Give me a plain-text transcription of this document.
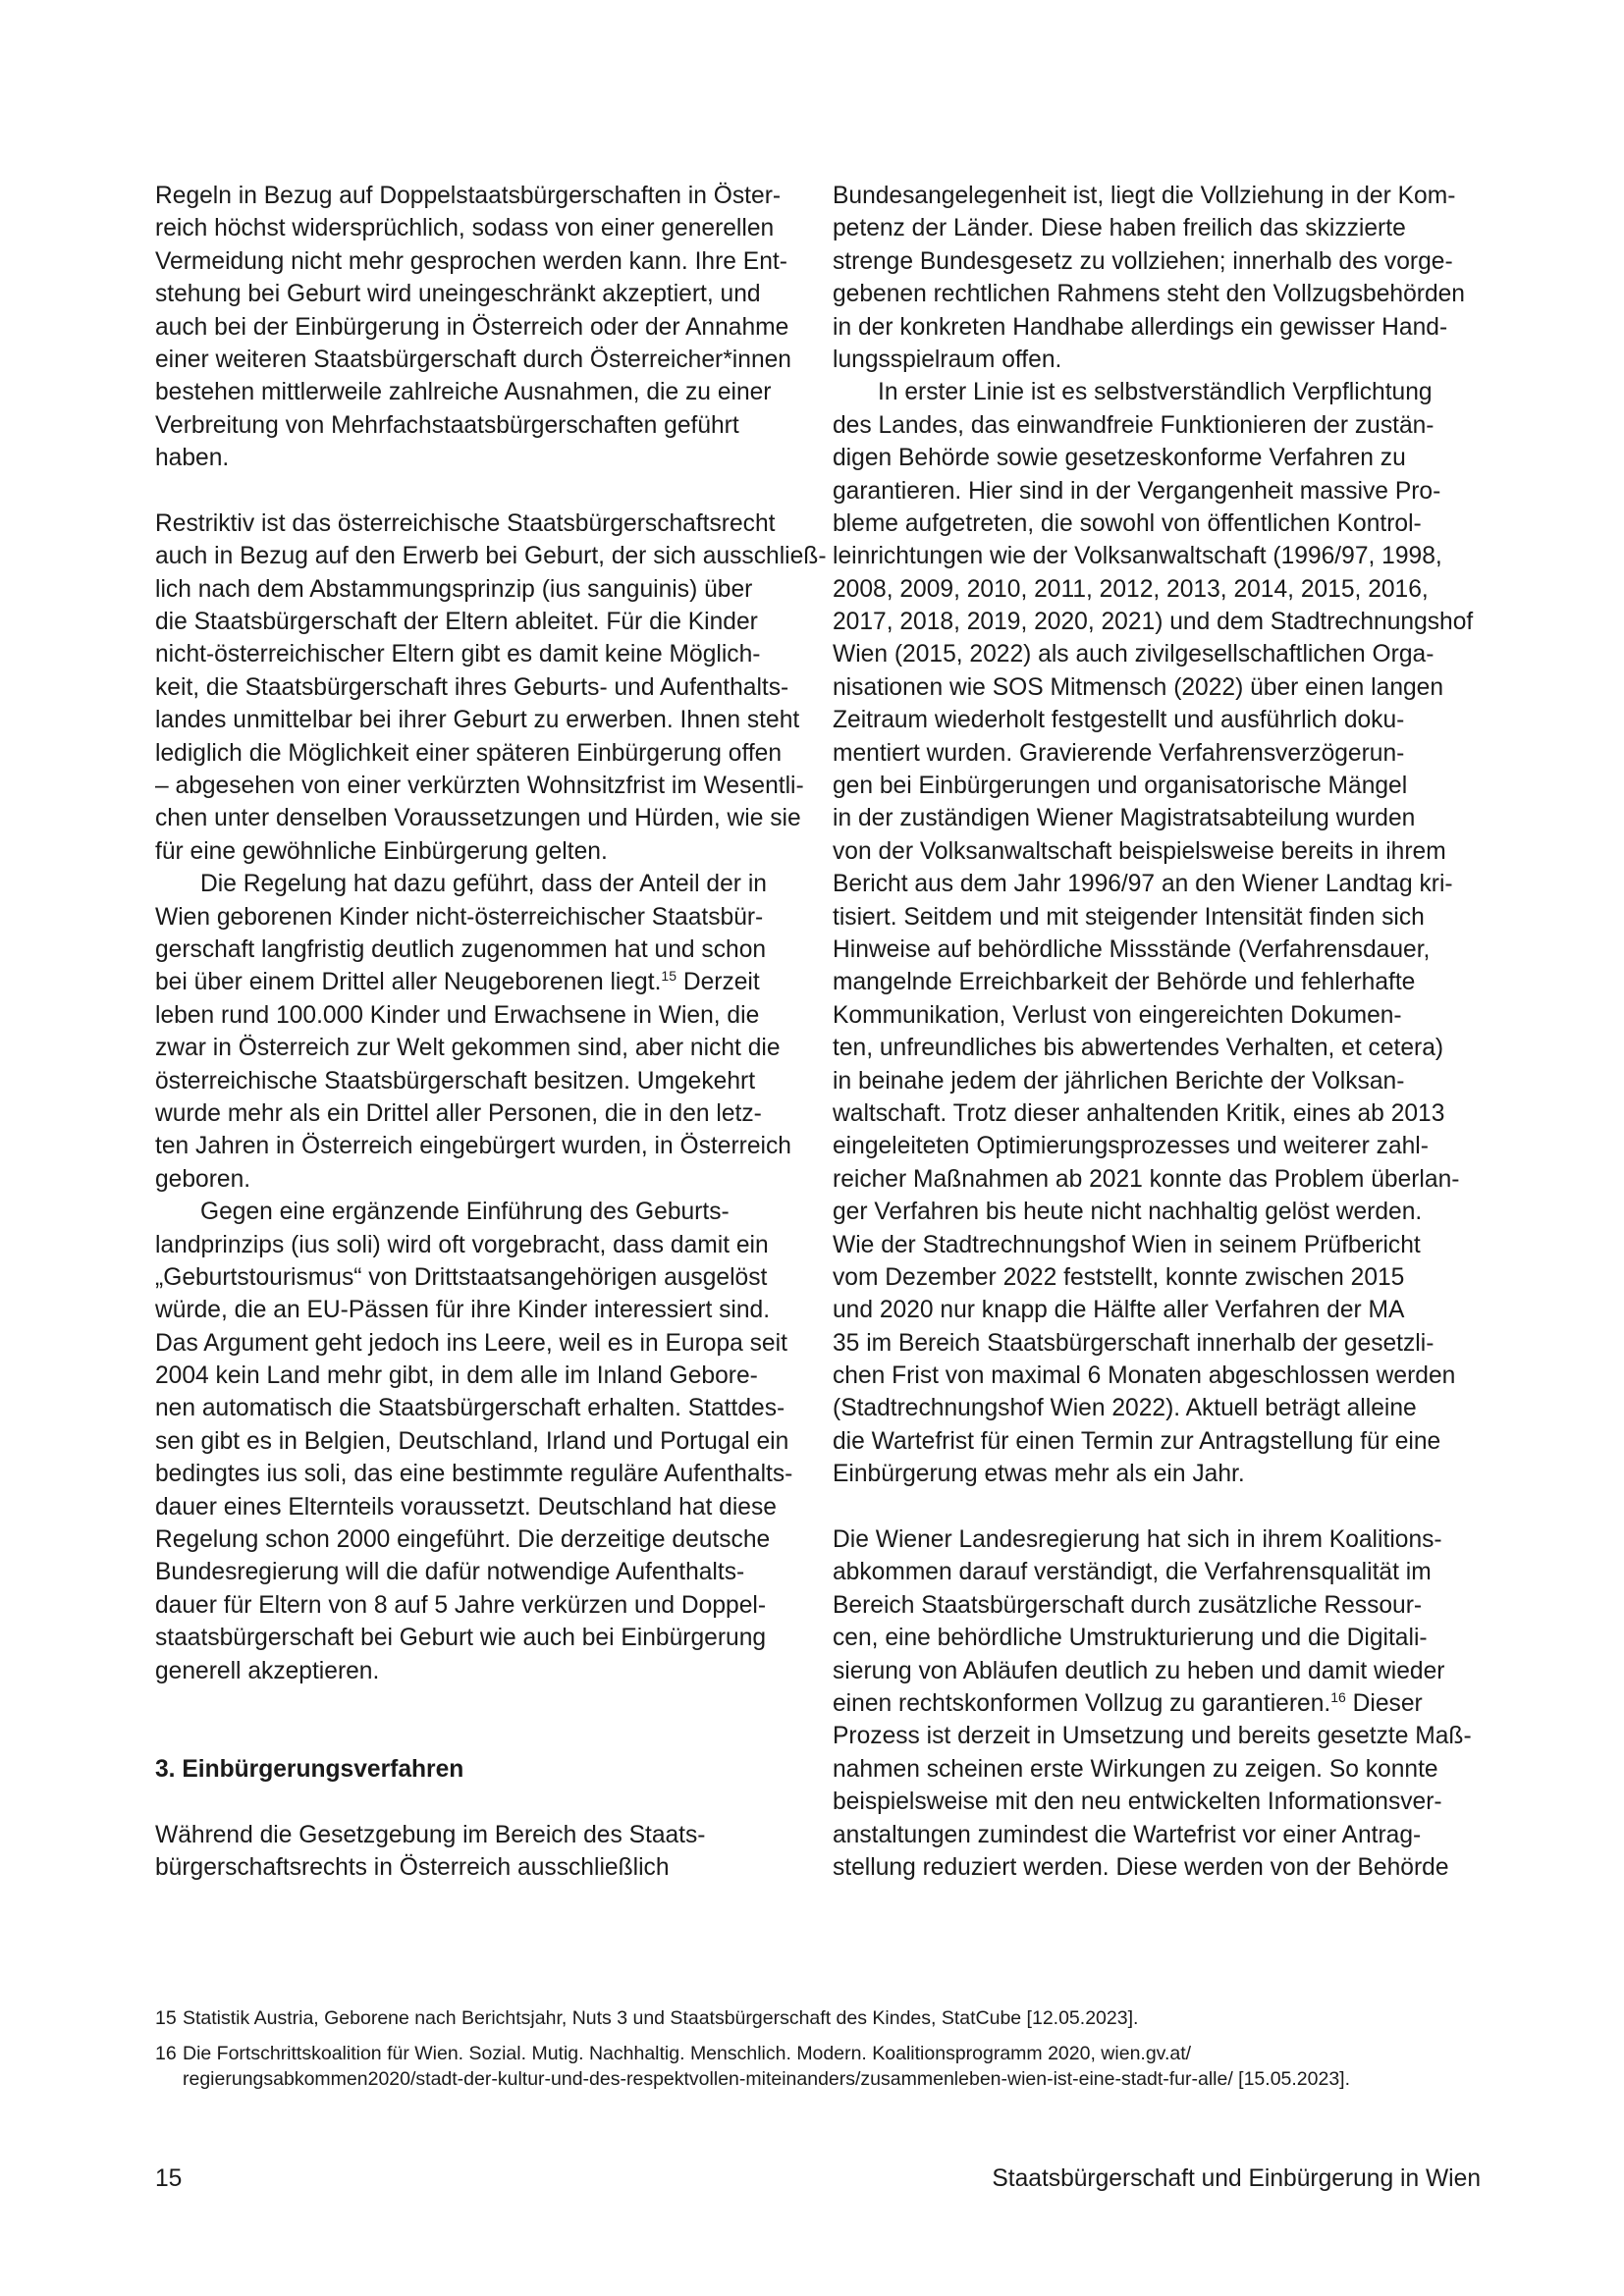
Regeln in Bezug auf Doppelstaatsbürgerschaften in Öster-
reich höchst widersprüchlich, sodass von einer generellen
Vermeidung nicht mehr gesprochen werden kann. Ihre Ent-
stehung bei Geburt wird uneingeschränkt akzeptiert, und
auch bei der Einbürgerung in Österreich oder der Annahme
einer weiteren Staatsbürgerschaft durch Österreicher*innen
bestehen mittlerweile zahlreiche Ausnahmen, die zu einer
Verbreitung von Mehrfachstaatsbürgerschaften geführt
haben.
Restriktiv ist das österreichische Staatsbürgerschaftsrecht
auch in Bezug auf den Erwerb bei Geburt, der sich ausschließ-
lich nach dem Abstammungsprinzip (ius sanguinis) über
die Staatsbürgerschaft der Eltern ableitet. Für die Kinder
nicht-österreichischer Eltern gibt es damit keine Möglich-
keit, die Staatsbürgerschaft ihres Geburts- und Aufenthalts-
landes unmittelbar bei ihrer Geburt zu erwerben. Ihnen steht
lediglich die Möglichkeit einer späteren Einbürgerung offen
– abgesehen von einer verkürzten Wohnsitzfrist im Wesentli-
chen unter denselben Voraussetzungen und Hürden, wie sie
für eine gewöhnliche Einbürgerung gelten.
Die Regelung hat dazu geführt, dass der Anteil der in
Wien geborenen Kinder nicht-österreichischer Staatsbür-
gerschaft langfristig deutlich zugenommen hat und schon
bei über einem Drittel aller Neugeborenen liegt.$^{15}$ Derzeit
leben rund 100.000 Kinder und Erwachsene in Wien, die
zwar in Österreich zur Welt gekommen sind, aber nicht die
österreichische Staatsbürgerschaft besitzen. Umgekehrt
wurde mehr als ein Drittel aller Personen, die in den letz-
ten Jahren in Österreich eingebürgert wurden, in Österreich
geboren.
Gegen eine ergänzende Einführung des Geburts-
landprinzips (ius soli) wird oft vorgebracht, dass damit ein
„Geburtstourismus“ von Drittstaatsangehörigen ausgelöst
würde, die an EU-Pässen für ihre Kinder interessiert sind.
Das Argument geht jedoch ins Leere, weil es in Europa seit
2004 kein Land mehr gibt, in dem alle im Inland Gebore-
nen automatisch die Staatsbürgerschaft erhalten. Stattdes-
sen gibt es in Belgien, Deutschland, Irland und Portugal ein
bedingtes ius soli, das eine bestimmte reguläre Aufenthalts-
dauer eines Elternteils voraussetzt. Deutschland hat diese
Regelung schon 2000 eingeführt. Die derzeitige deutsche
Bundesregierung will die dafür notwendige Aufenthalts-
dauer für Eltern von 8 auf 5 Jahre verkürzen und Doppel-
staatsbürgerschaft bei Geburt wie auch bei Einbürgerung
generell akzeptieren.
3. Einbürgerungsverfahren
Während die Gesetzgebung im Bereich des Staats-
bürgerschaftsrechts in Österreich ausschließlich
Bundesangelegenheit ist, liegt die Vollziehung in der Kom-
petenz der Länder. Diese haben freilich das skizzierte
strenge Bundesgesetz zu vollziehen; innerhalb des vorge-
gebenen rechtlichen Rahmens steht den Vollzugsbehörden
in der konkreten Handhabe allerdings ein gewisser Hand-
lungsspielraum offen.
In erster Linie ist es selbstverständlich Verpflichtung
des Landes, das einwandfreie Funktionieren der zustän-
digen Behörde sowie gesetzeskonforme Verfahren zu
garantieren. Hier sind in der Vergangenheit massive Pro-
bleme aufgetreten, die sowohl von öffentlichen Kontrol-
leinrichtungen wie der Volksanwaltschaft (1996/97, 1998,
2008, 2009, 2010, 2011, 2012, 2013, 2014, 2015, 2016,
2017, 2018, 2019, 2020, 2021) und dem Stadtrechnungshof
Wien (2015, 2022) als auch zivilgesellschaftlichen Orga-
nisationen wie SOS Mitmensch (2022) über einen langen
Zeitraum wiederholt festgestellt und ausführlich doku-
mentiert wurden. Gravierende Verfahrensverzögerun-
gen bei Einbürgerungen und organisatorische Mängel
in der zuständigen Wiener Magistratsabteilung wurden
von der Volksanwaltschaft beispielsweise bereits in ihrem
Bericht aus dem Jahr 1996/97 an den Wiener Landtag kri-
tisiert. Seitdem und mit steigender Intensität finden sich
Hinweise auf behördliche Missstände (Verfahrensdauer,
mangelnde Erreichbarkeit der Behörde und fehlerhafte
Kommunikation, Verlust von eingereichten Dokumen-
ten, unfreundliches bis abwertendes Verhalten, et cetera)
in beinahe jedem der jährlichen Berichte der Volksan-
waltschaft. Trotz dieser anhaltenden Kritik, eines ab 2013
eingeleiteten Optimierungsprozesses und weiterer zahl-
reicher Maßnahmen ab 2021 konnte das Problem überlan-
ger Verfahren bis heute nicht nachhaltig gelöst werden.
Wie der Stadtrechnungshof Wien in seinem Prüfbericht
vom Dezember 2022 feststellt, konnte zwischen 2015
und 2020 nur knapp die Hälfte aller Verfahren der MA
35 im Bereich Staatsbürgerschaft innerhalb der gesetzli-
chen Frist von maximal 6 Monaten abgeschlossen werden
(Stadtrechnungshof Wien 2022). Aktuell beträgt alleine
die Wartefrist für einen Termin zur Antragstellung für eine
Einbürgerung etwas mehr als ein Jahr.
Die Wiener Landesregierung hat sich in ihrem Koalitions-
abkommen darauf verständigt, die Verfahrensqualität im
Bereich Staatsbürgerschaft durch zusätzliche Ressour-
cen, eine behördliche Umstrukturierung und die Digitali-
sierung von Abläufen deutlich zu heben und damit wieder
einen rechtskonformen Vollzug zu garantieren.$^{16}$ Dieser
Prozess ist derzeit in Umsetzung und bereits gesetzte Maß-
nahmen scheinen erste Wirkungen zu zeigen. So konnte
beispielsweise mit den neu entwickelten Informationsver-
anstaltungen zumindest die Wartefrist vor einer Antrag-
stellung reduziert werden. Diese werden von der Behörde
15 Statistik Austria, Geborene nach Berichtsjahr, Nuts 3 und Staatsbürgerschaft des Kindes, StatCube [12.05.2023].
16 Die Fortschrittskoalition für Wien. Sozial. Mutig. Nachhaltig. Menschlich. Modern. Koalitionsprogramm 2020, wien.gv.at/
regierungsabkommen2020/stadt-der-kultur-und-des-respektvollen-miteinanders/zusammenleben-wien-ist-eine-stadt-fur-alle/ [15.05.2023].
15	Staatsbürgerschaft und Einbürgerung in Wien
